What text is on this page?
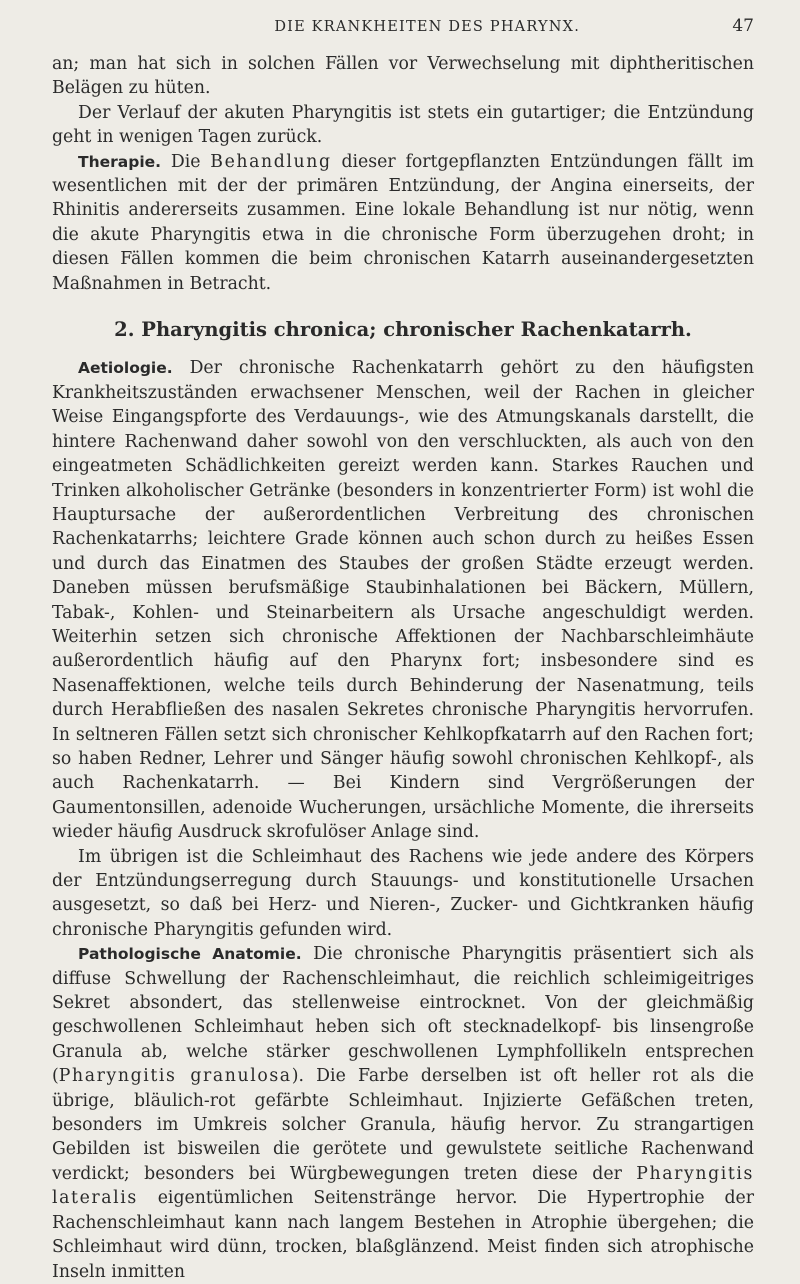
DIE KRANKHEITEN DES PHARYNX.	47

an; man hat sich in solchen Fällen vor Verwechselung mit diphtheritischen Belägen zu hüten.

Der Verlauf der akuten Pharyngitis ist stets ein gutartiger; die Entzündung geht in wenigen Tagen zurück.

Therapie. Die Behandlung dieser fortgepflanzten Entzündungen fällt im wesentlichen mit der der primären Entzündung, der Angina einerseits, der Rhinitis andererseits zusammen. Eine lokale Behandlung ist nur nötig, wenn die akute Pharyngitis etwa in die chronische Form überzugehen droht; in diesen Fällen kommen die beim chronischen Katarrh auseinandergesetzten Maßnahmen in Betracht.

2. Pharyngitis chronica; chronischer Rachenkatarrh.

Aetiologie. Der chronische Rachenkatarrh gehört zu den häufigsten Krankheitszuständen erwachsener Menschen, weil der Rachen in gleicher Weise Eingangspforte des Verdauungs-, wie des Atmungskanals darstellt, die hintere Rachenwand daher sowohl von den verschluckten, als auch von den eingeatmeten Schädlichkeiten gereizt werden kann. Starkes Rauchen und Trinken alkoholischer Getränke (besonders in konzentrierter Form) ist wohl die Hauptursache der außerordentlichen Verbreitung des chronischen Rachenkatarrhs; leichtere Grade können auch schon durch zu heißes Essen und durch das Einatmen des Staubes der großen Städte erzeugt werden. Daneben müssen berufsmäßige Staubinhalationen bei Bäckern, Müllern, Tabak-, Kohlen- und Steinarbeitern als Ursache angeschuldigt werden. Weiterhin setzen sich chronische Affektionen der Nachbarschleimhäute außerordentlich häufig auf den Pharynx fort; insbesondere sind es Nasenaffektionen, welche teils durch Behinderung der Nasenatmung, teils durch Herabfließen des nasalen Sekretes chronische Pharyngitis hervorrufen. In seltneren Fällen setzt sich chronischer Kehlkopfkatarrh auf den Rachen fort; so haben Redner, Lehrer und Sänger häufig sowohl chronischen Kehlkopf-, als auch Rachenkatarrh. — Bei Kindern sind Vergrößerungen der Gaumentonsillen, adenoide Wucherungen, ursächliche Momente, die ihrerseits wieder häufig Ausdruck skrofulöser Anlage sind.

Im übrigen ist die Schleimhaut des Rachens wie jede andere des Körpers der Entzündungserregung durch Stauungs- und konstitutionelle Ursachen ausgesetzt, so daß bei Herz- und Nieren-, Zucker- und Gichtkranken häufig chronische Pharyngitis gefunden wird.

Pathologische Anatomie. Die chronische Pharyngitis präsentiert sich als diffuse Schwellung der Rachenschleimhaut, die reichlich schleimigeitriges Sekret absondert, das stellenweise eintrocknet. Von der gleichmäßig geschwollenen Schleimhaut heben sich oft stecknadelkopf- bis linsengroße Granula ab, welche stärker geschwollenen Lymphfollikeln entsprechen (Pharyngitis granulosa). Die Farbe derselben ist oft heller rot als die übrige, bläulich-rot gefärbte Schleimhaut. Injizierte Gefäßchen treten, besonders im Umkreis solcher Granula, häufig hervor. Zu strangartigen Gebilden ist bisweilen die gerötete und gewulstete seitliche Rachenwand verdickt; besonders bei Würgbewegungen treten diese der Pharyngitis lateralis eigentümlichen Seitenstränge hervor. Die Hypertrophie der Rachenschleimhaut kann nach langem Bestehen in Atrophie übergehen; die Schleimhaut wird dünn, trocken, blaßglänzend. Meist finden sich atrophische Inseln inmitten
